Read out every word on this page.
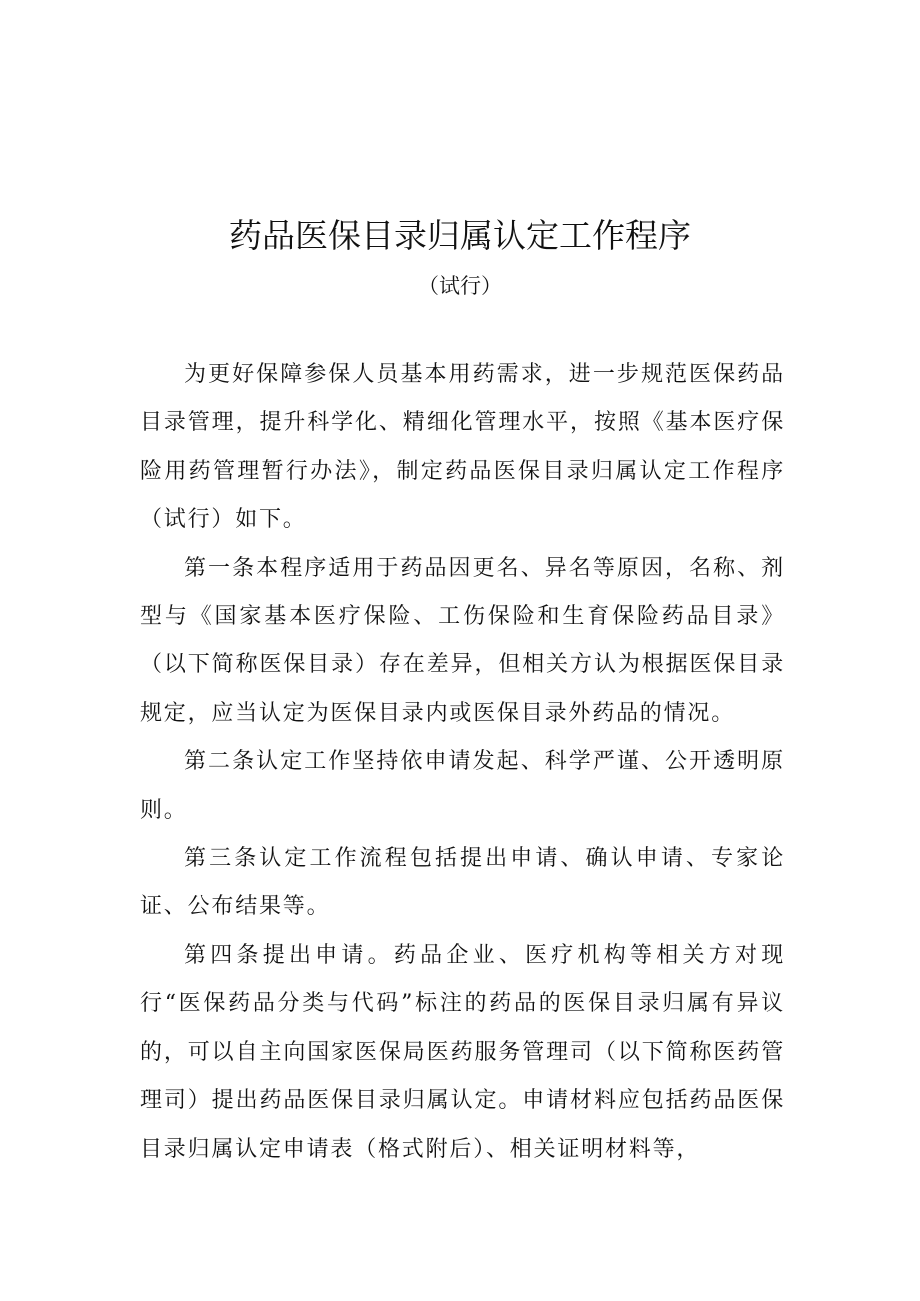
药品医保目录归属认定工作程序
（试行）

为更好保障参保人员基本用药需求，进一步规范医保药品目录管理，提升科学化、精细化管理水平，按照《基本医疗保险用药管理暂行办法》，制定药品医保目录归属认定工作程序（试行）如下。

第一条本程序适用于药品因更名、异名等原因，名称、剂型与《国家基本医疗保险、工伤保险和生育保险药品目录》（以下简称医保目录）存在差异，但相关方认为根据医保目录规定，应当认定为医保目录内或医保目录外药品的情况。

第二条认定工作坚持依申请发起、科学严谨、公开透明原则。

第三条认定工作流程包括提出申请、确认申请、专家论证、公布结果等。

第四条提出申请。药品企业、医疗机构等相关方对现行“医保药品分类与代码”标注的药品的医保目录归属有异议的，可以自主向国家医保局医药服务管理司（以下简称医药管理司）提出药品医保目录归属认定。申请材料应包括药品医保目录归属认定申请表（格式附后）、相关证明材料等，
